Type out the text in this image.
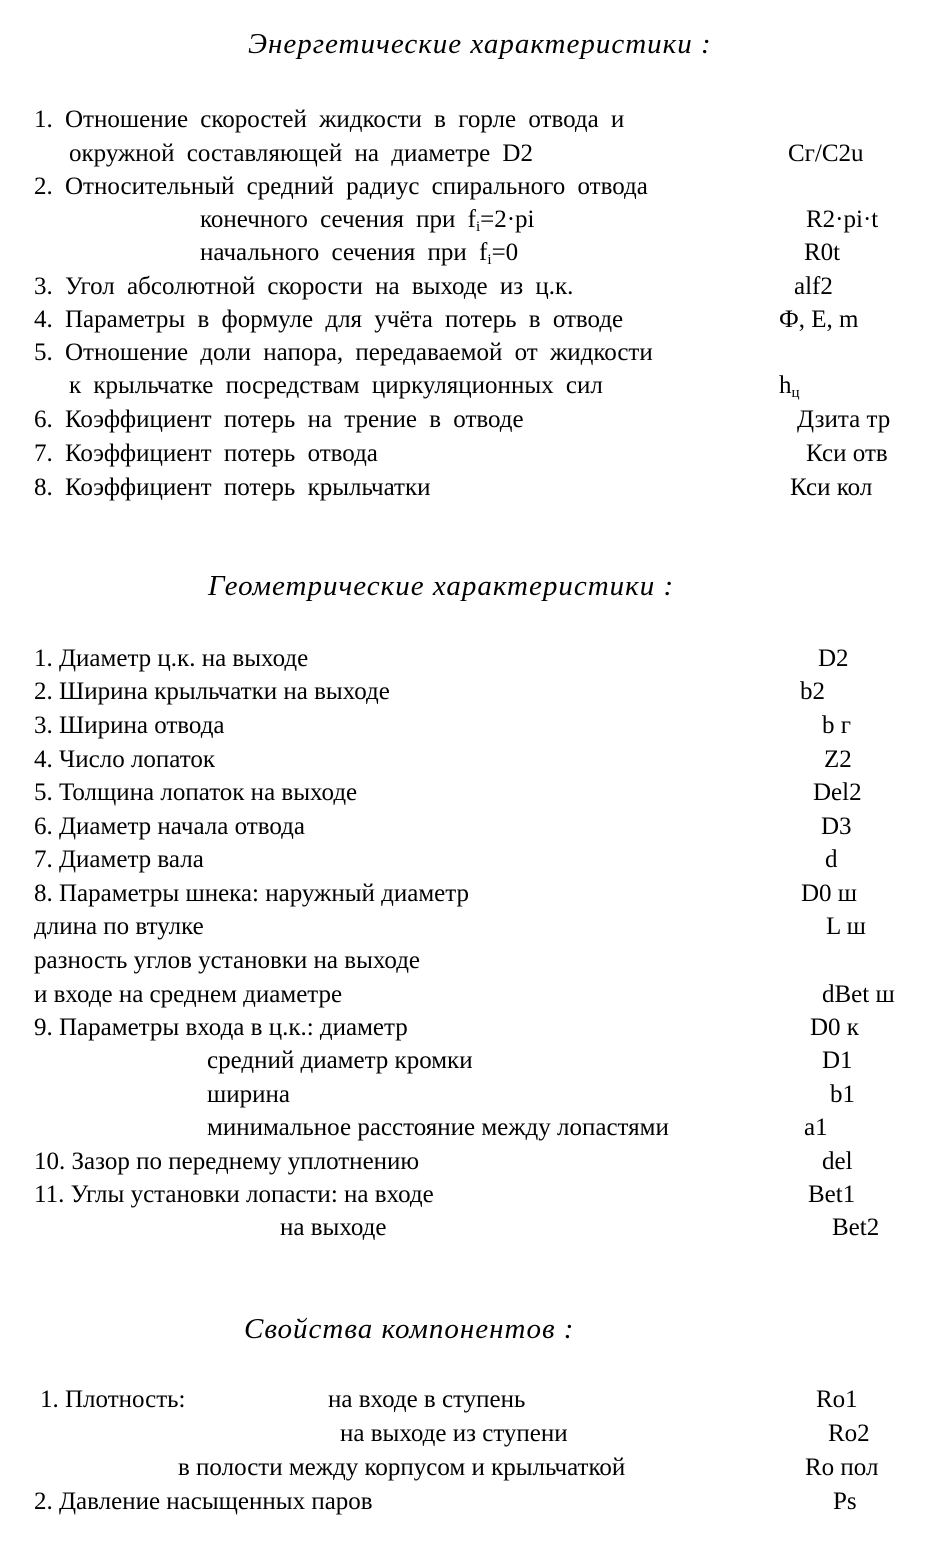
Энергетические характеристики :
1. Отношение скоростей жидкости в горле отвода и
окружной составляющей на диаметре D2	Cг/C2u
2. Относительный средний радиус спирального отвода
конечного сечения при $f_i=2\cdot pi$	R2·pi·t
начального сечения при $f_i=0$	R0t
3. Угол абсолютной скорости на выходе из ц.к.	alf2
4. Параметры в формуле для учёта потерь в отводе	Ф, E, m
5. Отношение доли напора, передаваемой от жидкости
к крыльчатке посредствам циркуляционных сил	$h_ц$
6. Коэффициент потерь на трение в отводе	Дзита тр
7. Коэффициент потерь отвода	Кси отв
8. Коэффициент потерь крыльчатки	Кси кол
Геометрические характеристики :
1. Диаметр ц.к. на выходе	D2
2. Ширина крыльчатки на выходе	b2
3. Ширина отвода	b г
4. Число лопаток	Z2
5. Толщина лопаток на выходе	Del2
6. Диаметр начала отвода	D3
7. Диаметр вала	d
8. Параметры шнека: наружный диаметр	D0 ш
длина по втулке	L ш
разность углов установки на выходе
и входе на среднем диаметре	dBet ш
9. Параметры входа в ц.к.: диаметр	D0 к
средний диаметр кромки	D1
ширина	b1
минимальное расстояние между лопастями	a1
10. Зазор по переднему уплотнению	del
11. Углы установки лопасти: на входе	Bet1
на выходе	Bet2
Свойства компонентов :
1. Плотность:	на входе в ступень	Ro1
на выходе из ступени	Ro2
в полости между корпусом и крыльчаткой	Ro пол
2. Давление насыщенных паров	Ps
